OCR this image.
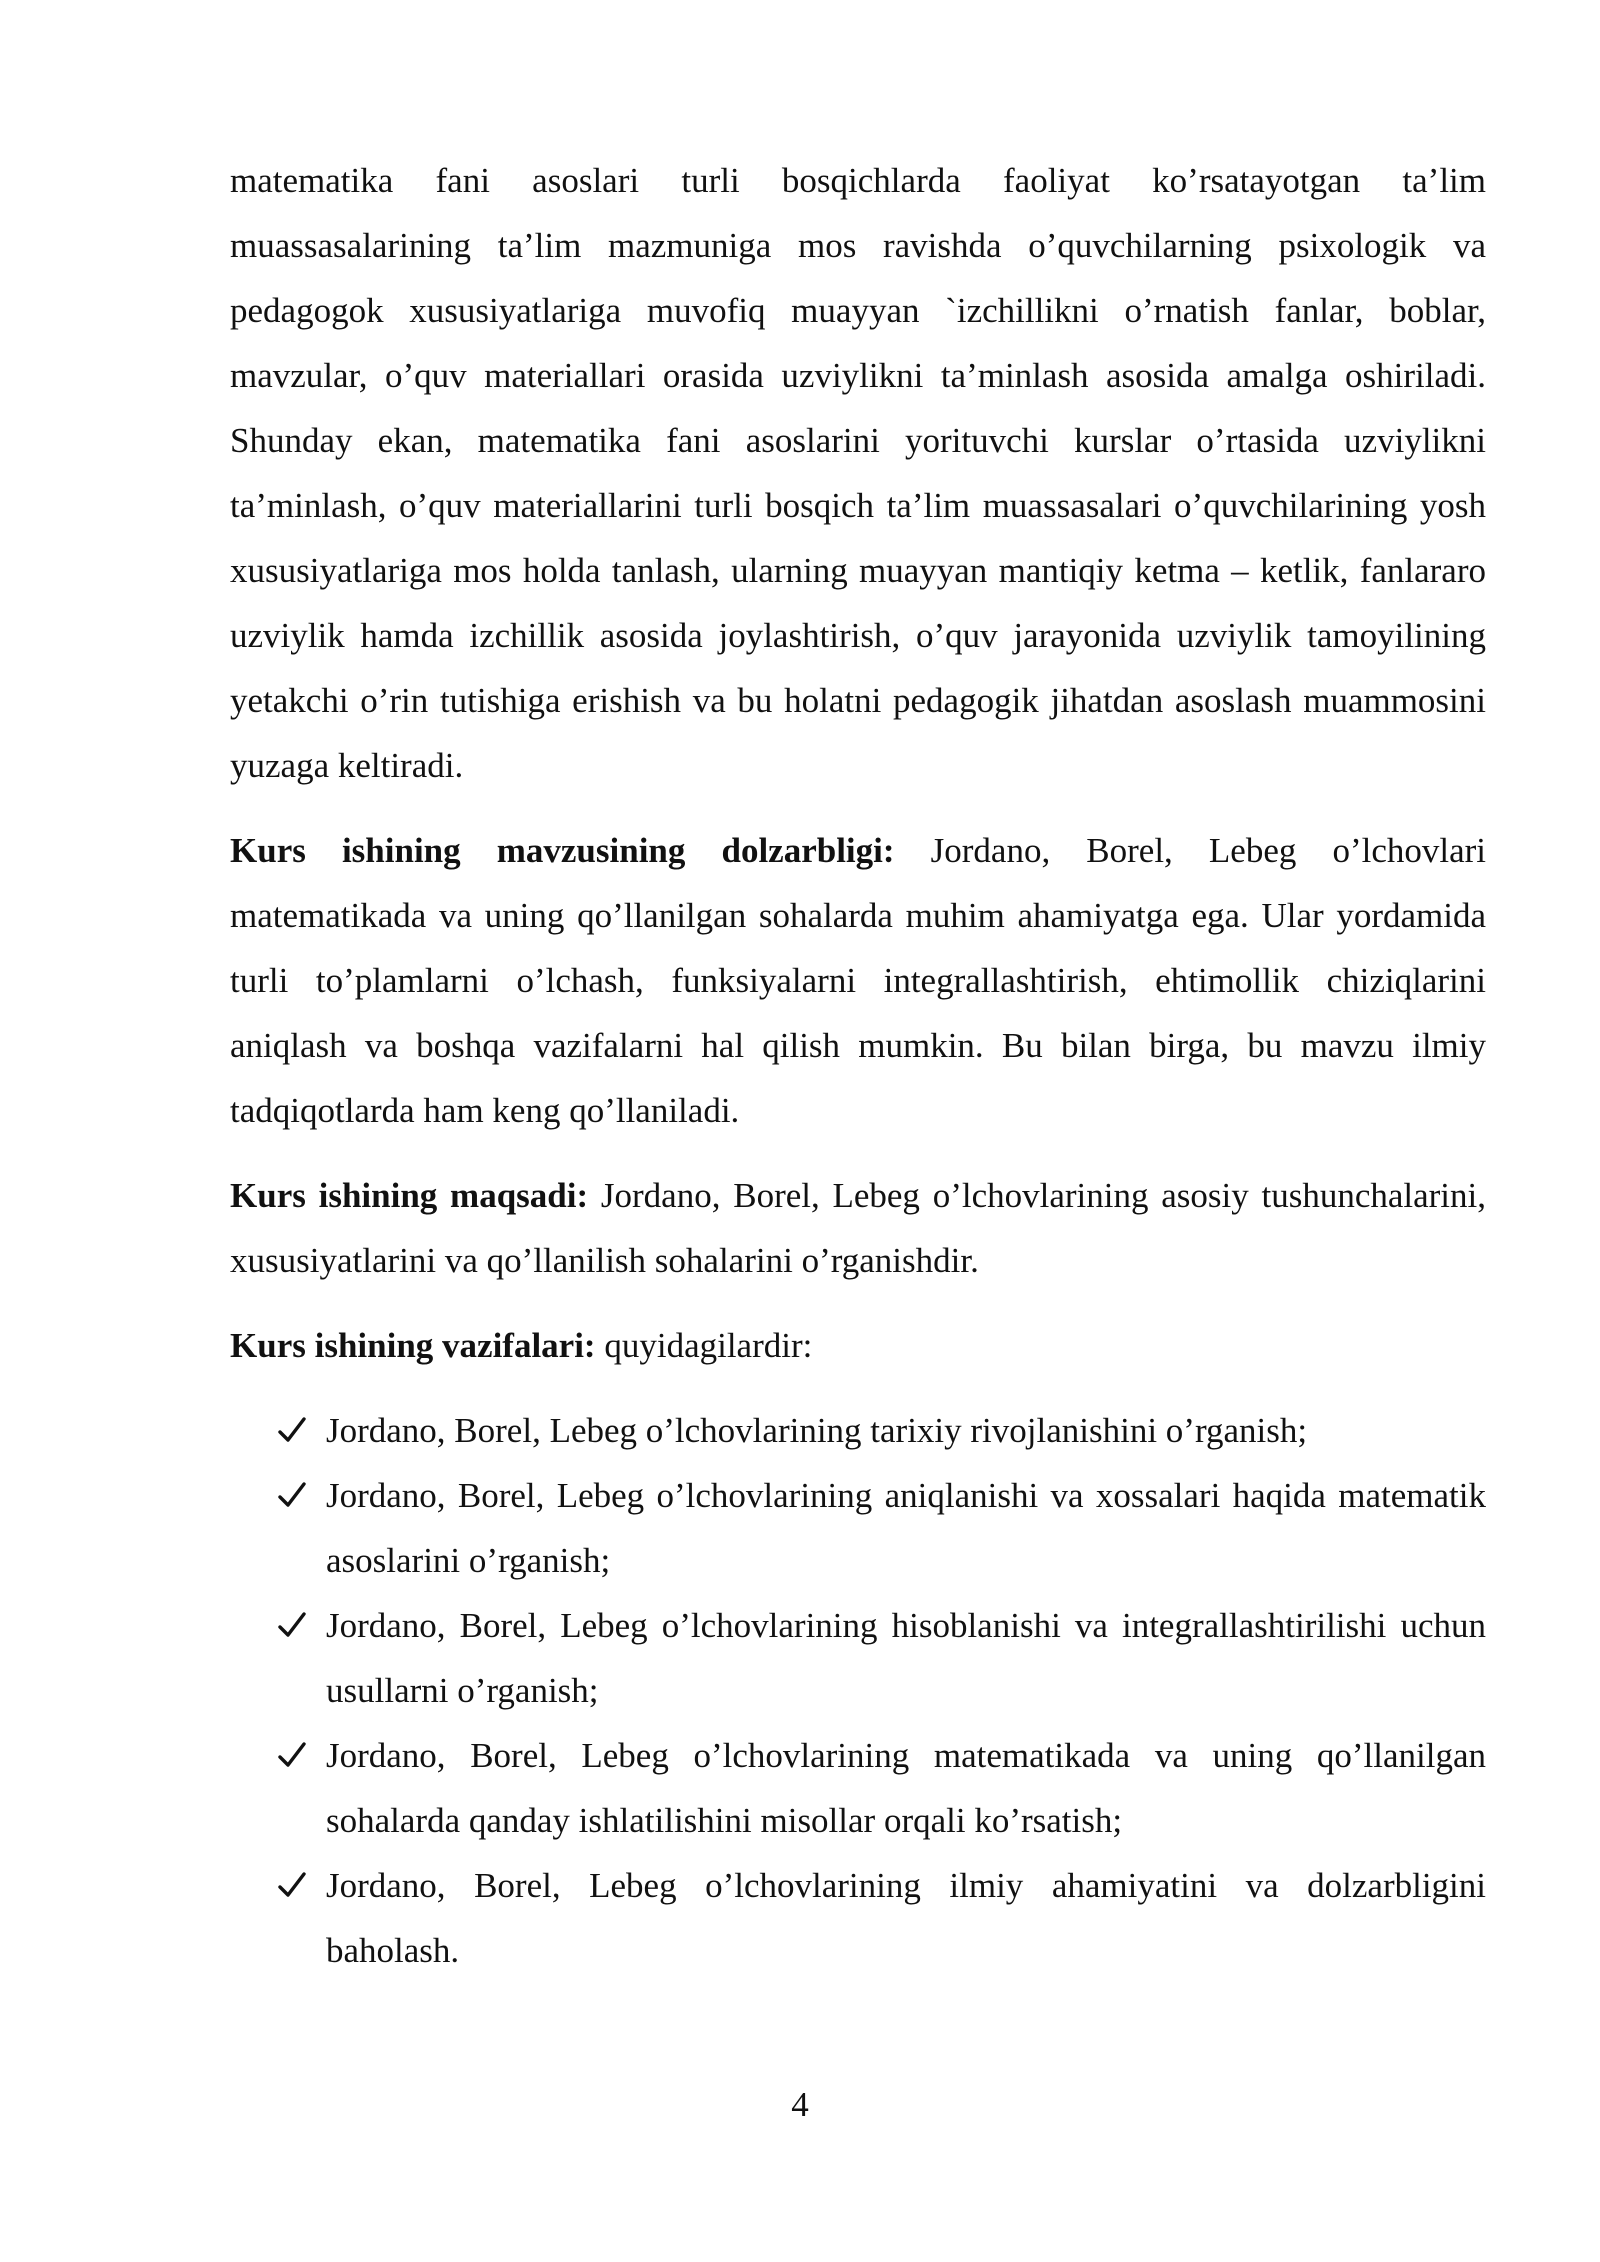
matematika fani asoslari turli bosqichlarda faoliyat ko’rsatayotgan ta’lim muassasalarining ta’lim mazmuniga mos ravishda o’quvchilarning psixologik va pedagogok xususiyatlariga muvofiq muayyan `izchillikni o’rnatish fanlar, boblar, mavzular, o’quv materiallari orasida uzviylikni ta’minlash asosida amalga oshiriladi. Shunday ekan, matematika fani asoslarini yorituvchi kurslar o’rtasida uzviylikni ta’minlash, o’quv materiallarini turli bosqich ta’lim muassasalari o’quvchilarining yosh xususiyatlariga mos holda tanlash, ularning muayyan mantiqiy ketma – ketlik, fanlararo uzviylik hamda izchillik asosida joylashtirish, o’quv jarayonida uzviylik tamoyilining yetakchi o’rin tutishiga erishish va bu holatni pedagogik jihatdan asoslash muammosini yuzaga keltiradi.

Kurs ishining mavzusining dolzarbligi: Jordano, Borel, Lebeg o’lchovlari matematikada va uning qo’llanilgan sohalarda muhim ahamiyatga ega. Ular yordamida turli to’plamlarni o’lchash, funksiyalarni integrallashtirish, ehtimollik chiziqlarini aniqlash va boshqa vazifalarni hal qilish mumkin. Bu bilan birga, bu mavzu ilmiy tadqiqotlarda ham keng qo’llaniladi.

Kurs ishining maqsadi: Jordano, Borel, Lebeg o’lchovlarining asosiy tushunchalarini, xususiyatlarini va qo’llanilish sohalarini o’rganishdir.

Kurs ishining vazifalari: quyidagilardir:

Jordano, Borel, Lebeg o’lchovlarining tarixiy rivojlanishini o’rganish;
Jordano, Borel, Lebeg o’lchovlarining aniqlanishi va xossalari haqida matematik asoslarini o’rganish;
Jordano, Borel, Lebeg o’lchovlarining hisoblanishi va integrallashtirilishi uchun usullarni o’rganish;
Jordano, Borel, Lebeg o’lchovlarining matematikada va uning qo’llanilgan sohalarda qanday ishlatilishini misollar orqali ko’rsatish;
Jordano, Borel, Lebeg o’lchovlarining ilmiy ahamiyatini va dolzarbligini baholash.
4
